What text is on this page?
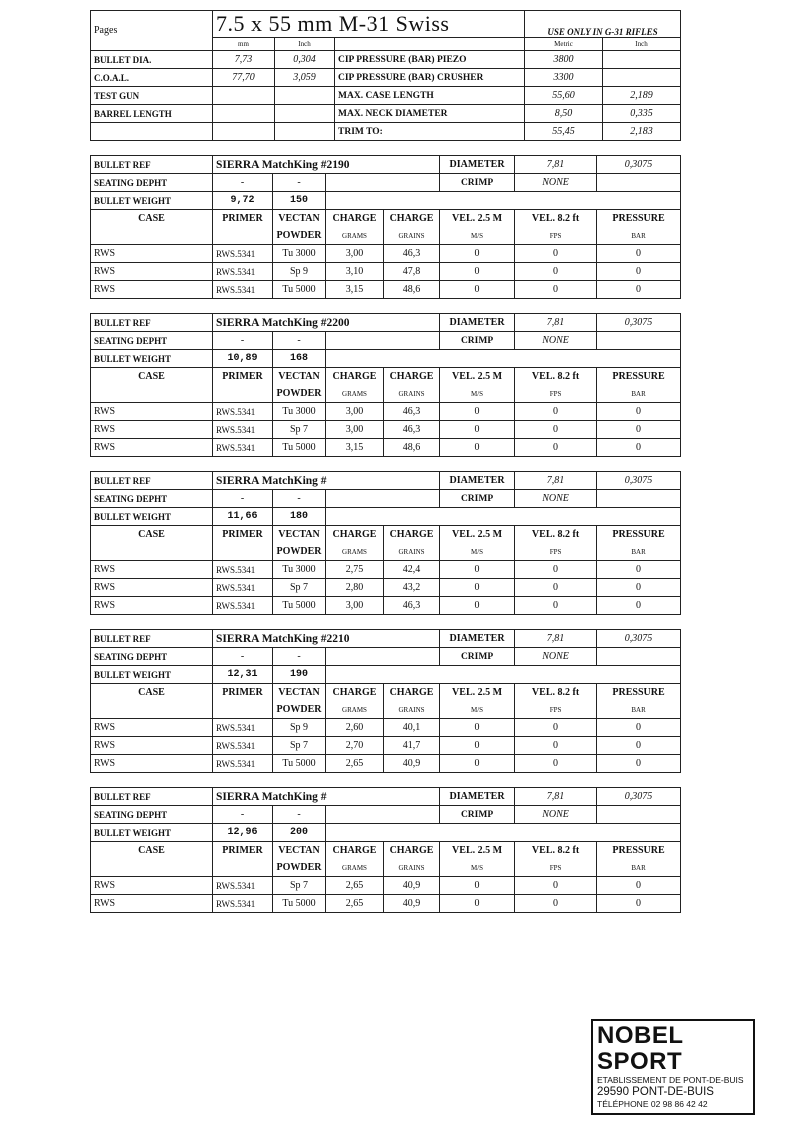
Pages	7.5 x 55 mm M-31 Swiss			USE ONLY IN G-31 RIFLES	
	mm	Inch		Metric	Inch
BULLET DIA.	7,73	0,304	CIP PRESSURE (BAR) PIEZO	3800	
C.O.A.L.	77,70	3,059	CIP PRESSURE (BAR) CRUSHER	3300	
TEST GUN			MAX. CASE LENGTH	55,60	2,189
BARREL LENGTH			MAX. NECK DIAMETER	8,50	0,335
			TRIM TO:	55,45	2,183
BULLET REF	SIERRA MatchKing #2190				DIAMETER	7,81	0,3075
SEATING DEPHT	-	-			CRIMP	NONE	
BULLET WEIGHT	9,72	150					
CASE	PRIMER	VECTAN	CHARGE	CHARGE	VEL. 2.5 M	VEL. 8.2 ft	PRESSURE
		POWDER	GRAMS	GRAINS	M/S	FPS	BAR
RWS	RWS.5341	Tu 3000	3,00	46,3	0	0	0
RWS	RWS.5341	Sp 9	3,10	47,8	0	0	0
RWS	RWS.5341	Tu 5000	3,15	48,6	0	0	0
BULLET REF	SIERRA MatchKing #2200				DIAMETER	7,81	0,3075
SEATING DEPHT	-	-			CRIMP	NONE	
BULLET WEIGHT	10,89	168					
CASE	PRIMER	VECTAN	CHARGE	CHARGE	VEL. 2.5 M	VEL. 8.2 ft	PRESSURE
		POWDER	GRAMS	GRAINS	M/S	FPS	BAR
RWS	RWS.5341	Tu 3000	3,00	46,3	0	0	0
RWS	RWS.5341	Sp 7	3,00	46,3	0	0	0
RWS	RWS.5341	Tu 5000	3,15	48,6	0	0	0
BULLET REF	SIERRA MatchKing #				DIAMETER	7,81	0,3075
SEATING DEPHT	-	-			CRIMP	NONE	
BULLET WEIGHT	11,66	180					
CASE	PRIMER	VECTAN	CHARGE	CHARGE	VEL. 2.5 M	VEL. 8.2 ft	PRESSURE
		POWDER	GRAMS	GRAINS	M/S	FPS	BAR
RWS	RWS.5341	Tu 3000	2,75	42,4	0	0	0
RWS	RWS.5341	Sp 7	2,80	43,2	0	0	0
RWS	RWS.5341	Tu 5000	3,00	46,3	0	0	0
BULLET REF	SIERRA MatchKing #2210				DIAMETER	7,81	0,3075
SEATING DEPHT	-	-			CRIMP	NONE	
BULLET WEIGHT	12,31	190					
CASE	PRIMER	VECTAN	CHARGE	CHARGE	VEL. 2.5 M	VEL. 8.2 ft	PRESSURE
		POWDER	GRAMS	GRAINS	M/S	FPS	BAR
RWS	RWS.5341	Sp 9	2,60	40,1	0	0	0
RWS	RWS.5341	Sp 7	2,70	41,7	0	0	0
RWS	RWS.5341	Tu 5000	2,65	40,9	0	0	0
BULLET REF	SIERRA MatchKing #				DIAMETER	7,81	0,3075
SEATING DEPHT	-	-			CRIMP	NONE	
BULLET WEIGHT	12,96	200					
CASE	PRIMER	VECTAN	CHARGE	CHARGE	VEL. 2.5 M	VEL. 8.2 ft	PRESSURE
		POWDER	GRAMS	GRAINS	M/S	FPS	BAR
RWS	RWS.5341	Sp 7	2,65	40,9	0	0	0
RWS	RWS.5341	Tu 5000	2,65	40,9	0	0	0
NOBEL SPORT
ETABLISSEMENT DE PONT-DE-BUIS
29590 PONT-DE-BUIS
TÉLÉPHONE 02 98 86 42 42
